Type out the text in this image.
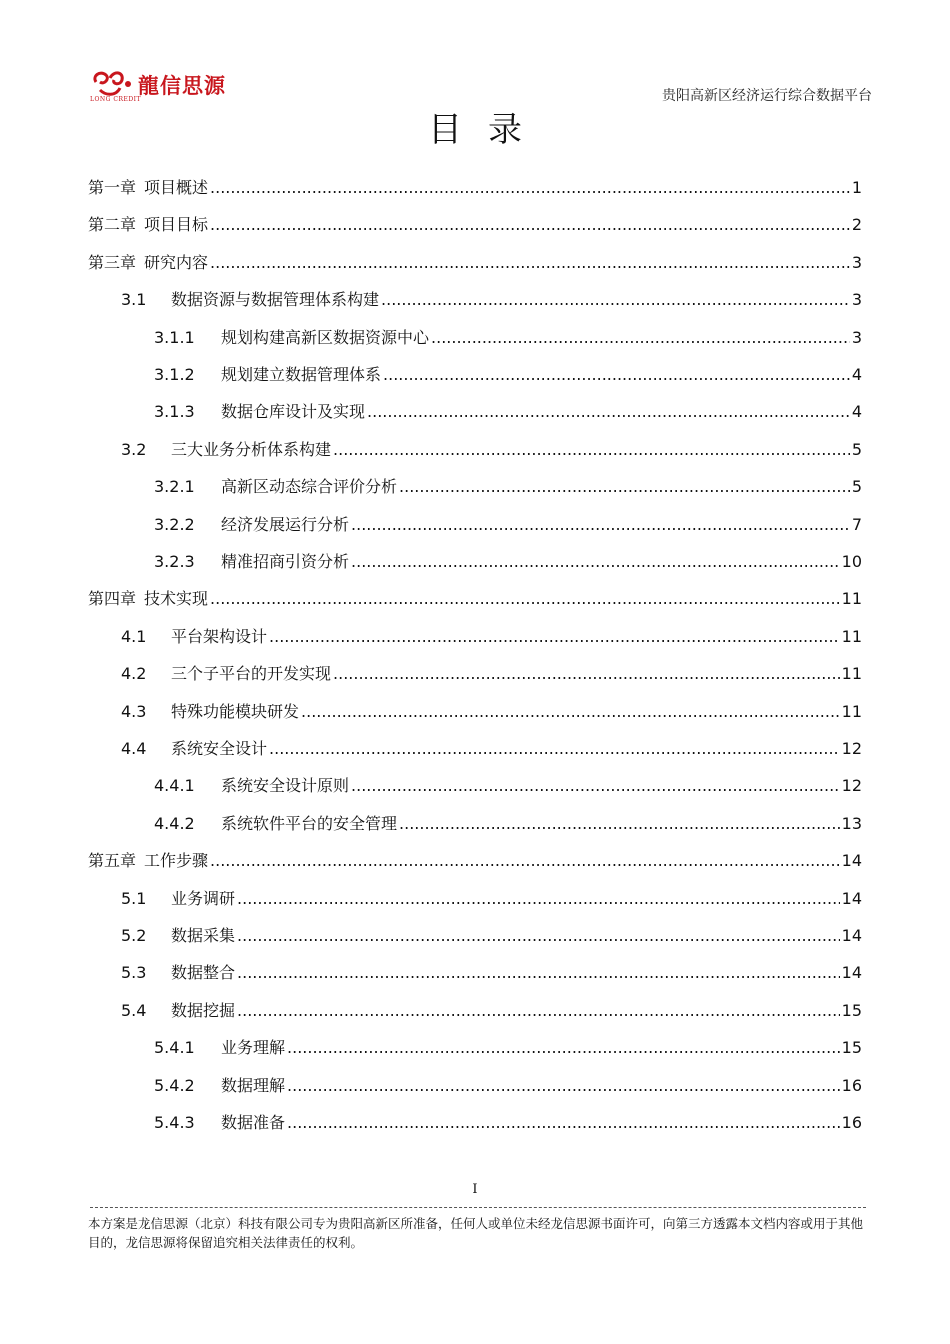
龍信思源
LONG CREDIT	贵阳高新区经济运行综合数据平台
目录
第一章 项目概述 .....	1
第二章 项目目标 .....	2
第三章 研究内容 .....	3
3.1	数据资源与数据管理体系构建 .....	3
3.1.1	规划构建高新区数据资源中心 .....	3
3.1.2	规划建立数据管理体系 .....	4
3.1.3	数据仓库设计及实现 .....	4
3.2	三大业务分析体系构建 .....	5
3.2.1	高新区动态综合评价分析 .....	5
3.2.2	经济发展运行分析 .....	7
3.2.3	精准招商引资分析 .....	10
第四章 技术实现 .....	11
4.1	平台架构设计 .....	11
4.2	三个子平台的开发实现 .....	11
4.3	特殊功能模块研发 .....	11
4.4	系统安全设计 .....	12
4.4.1	系统安全设计原则 .....	12
4.4.2	系统软件平台的安全管理 .....	13
第五章 工作步骤 .....	14
5.1	业务调研 .....	14
5.2	数据采集 .....	14
5.3	数据整合 .....	14
5.4	数据挖掘 .....	15
5.4.1	业务理解 .....	15
5.4.2	数据理解 .....	16
5.4.3	数据准备 .....	16
I
本方案是龙信思源（北京）科技有限公司专为贵阳高新区所准备，任何人或单位未经龙信思源书面许可，向第三方透露本文档内容或用于其他目的，龙信思源将保留追究相关法律责任的权利。
